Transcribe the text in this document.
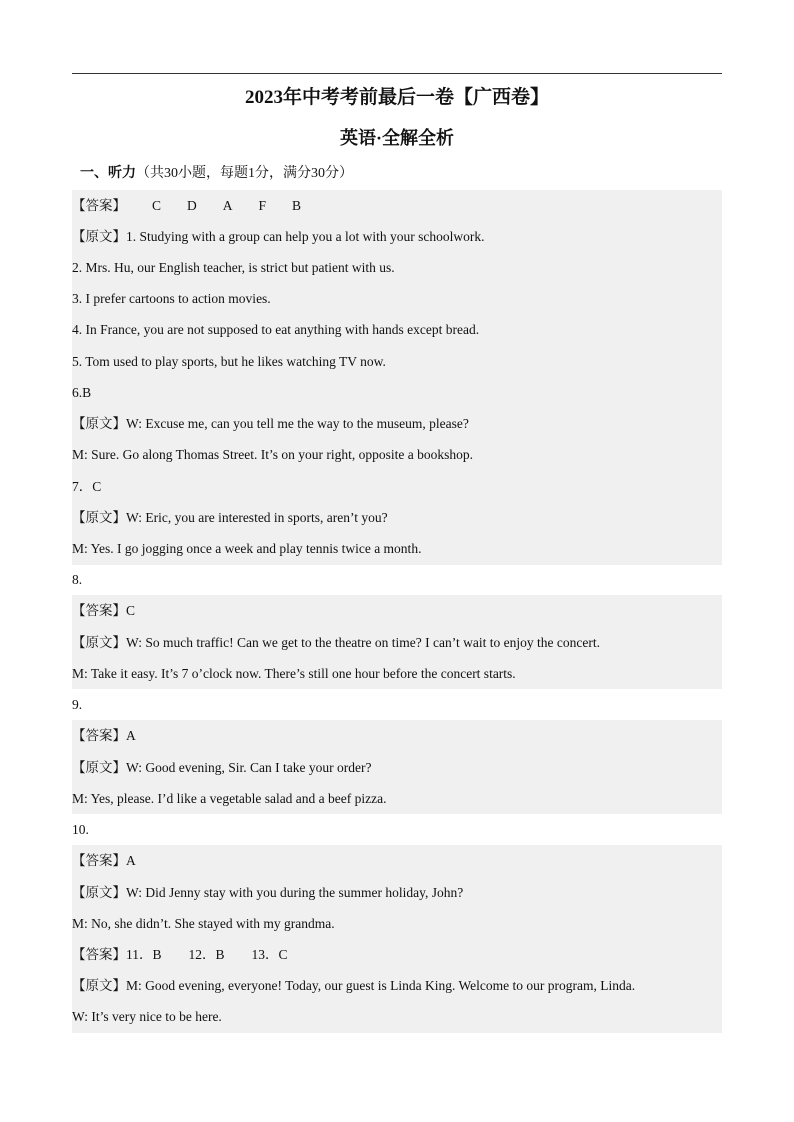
2023年中考考前最后一卷【广西卷】
英语·全解全析
一、听力（共30小题，每题1分，满分30分）
【答案】 C D A F B
【原文】1. Studying with a group can help you a lot with your schoolwork.
2. Mrs. Hu, our English teacher, is strict but patient with us.
3. I prefer cartoons to action movies.
4. In France, you are not supposed to eat anything with hands except bread.
5. Tom used to play sports, but he likes watching TV now.
6.B
【原文】W: Excuse me, can you tell me the way to the museum, please?
M: Sure. Go along Thomas Street. It’s on your right, opposite a bookshop.
7．C
【原文】W: Eric, you are interested in sports, aren’t you?
M: Yes. I go jogging once a week and play tennis twice a month.
8.
【答案】C
【原文】W: So much traffic! Can we get to the theatre on time? I can’t wait to enjoy the concert.
M: Take it easy. It’s 7 o’clock now. There’s still one hour before the concert starts.
9.
【答案】A
【原文】W: Good evening, Sir. Can I take your order?
M: Yes, please. I’d like a vegetable salad and a beef pizza.
10.
【答案】A
【原文】W: Did Jenny stay with you during the summer holiday, John?
M: No, she didn’t. She stayed with my grandma.
【答案】11．B　　12．B　　13．C
【原文】M: Good evening, everyone! Today, our guest is Linda King. Welcome to our program, Linda.
W: It’s very nice to be here.
